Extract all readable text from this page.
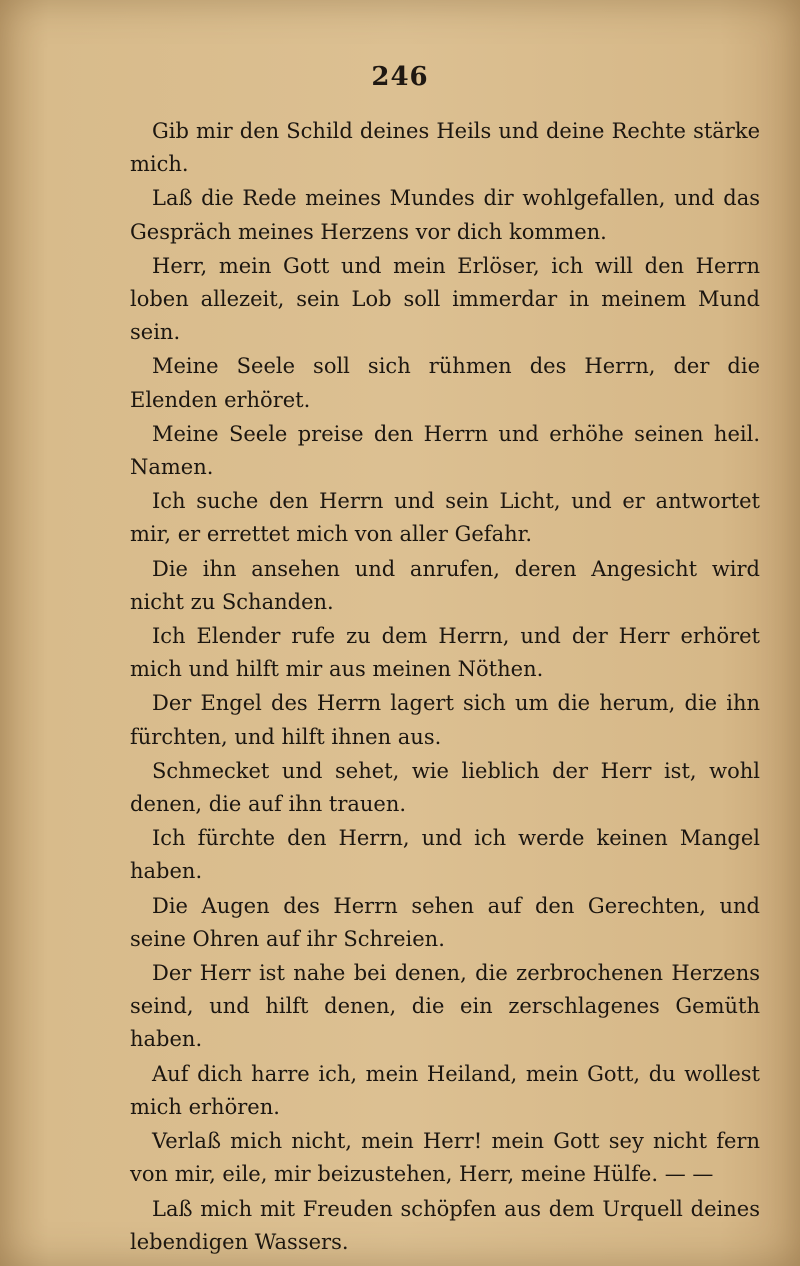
246

Gib mir den Schild deines Heils und deine Rechte stärke mich.

Laß die Rede meines Mundes dir wohlgefallen, und das Gespräch meines Herzens vor dich kommen.

Herr, mein Gott und mein Erlöser, ich will den Herrn loben allezeit, sein Lob soll immerdar in meinem Mund sein.

Meine Seele soll sich rühmen des Herrn, der die Elenden erhöret.

Meine Seele preise den Herrn und erhöhe seinen heil. Namen.

Ich suche den Herrn und sein Licht, und er antwortet mir, er errettet mich von aller Gefahr.

Die ihn ansehen und anrufen, deren Angesicht wird nicht zu Schanden.

Ich Elender rufe zu dem Herrn, und der Herr erhöret mich und hilft mir aus meinen Nöthen.

Der Engel des Herrn lagert sich um die herum, die ihn fürchten, und hilft ihnen aus.

Schmecket und sehet, wie lieblich der Herr ist, wohl denen, die auf ihn trauen.

Ich fürchte den Herrn, und ich werde keinen Mangel haben.

Die Augen des Herrn sehen auf den Gerechten, und seine Ohren auf ihr Schreien.

Der Herr ist nahe bei denen, die zerbrochenen Herzens seind, und hilft denen, die ein zerschlagenes Gemüth haben.

Auf dich harre ich, mein Heiland, mein Gott, du wollest mich erhören.

Verlaß mich nicht, mein Herr! mein Gott sey nicht fern von mir, eile, mir beizustehen, Herr, meine Hülfe. — —

Laß mich mit Freuden schöpfen aus dem Urquell deines lebendigen Wassers.
